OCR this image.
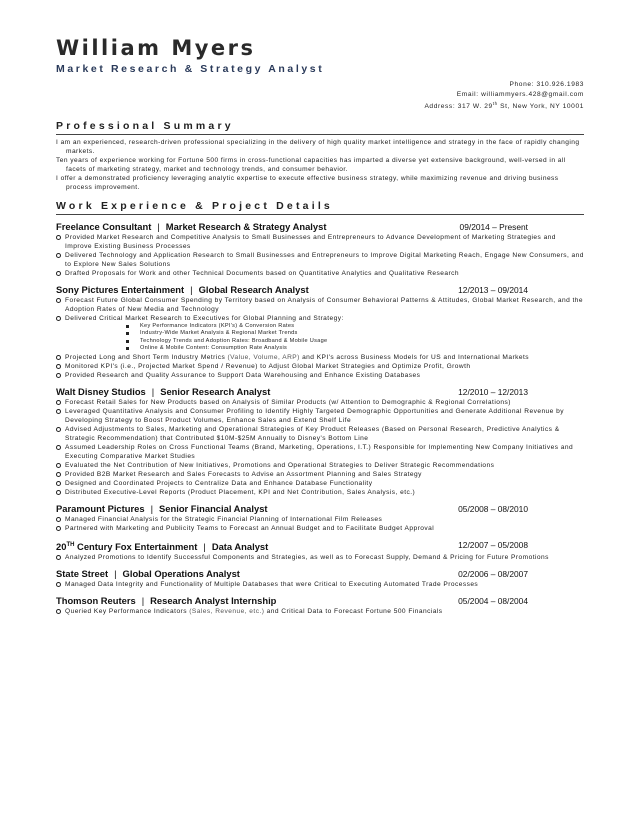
William Myers
Market Research & Strategy Analyst
Phone: 310.926.1983
Email: williammyers.428@gmail.com
Address: 317 W. 29th St, New York, NY 10001
Professional Summary

I am an experienced, research-driven professional specializing in the delivery of high quality market intelligence and strategy in the face of rapidly changing markets.

Ten years of experience working for Fortune 500 firms in cross-functional capacities has imparted a diverse yet extensive background, well-versed in all facets of marketing strategy, market and technology trends, and consumer behavior.

I offer a demonstrated proficiency leveraging analytic expertise to execute effective business strategy, while maximizing revenue and driving business process improvement.

Work Experience & Project Details
Freelance Consultant | Market Research & Strategy Analyst	09/2014 – Present
Provided Market Research and Competitive Analysis to Small Businesses and Entrepreneurs to Advance Development of Marketing Strategies and Improve Existing Business Processes
Delivered Technology and Application Research to Small Businesses and Entrepreneurs to Improve Digital Marketing Reach, Engage New Consumers, and to Explore New Sales Solutions
Drafted Proposals for Work and other Technical Documents based on Quantitative Analytics and Qualitative Research
Sony Pictures Entertainment | Global Research Analyst	12/2013 – 09/2014
Forecast Future Global Consumer Spending by Territory based on Analysis of Consumer Behavioral Patterns & Attitudes, Global Market Research, and the Adoption Rates of New Media and Technology
Delivered Critical Market Research to Executives for Global Planning and Strategy:
Key Performance Indicators (KPI's) & Conversion Rates
Industry-Wide Market Analysis & Regional Market Trends
Technology Trends and Adoption Rates: Broadband & Mobile Usage
Online & Mobile Content: Consumption Rate Analysis
Projected Long and Short Term Industry Metrics (Value, Volume, ARP) and KPI's across Business Models for US and International Markets
Monitored KPI's (i.e., Projected Market Spend / Revenue) to Adjust Global Market Strategies and Optimize Profit, Growth
Provided Research and Quality Assurance to Support Data Warehousing and Enhance Existing Databases
Walt Disney Studios | Senior Research Analyst	12/2010 – 12/2013
Forecast Retail Sales for New Products based on Analysis of Similar Products (w/ Attention to Demographic & Regional Correlations)
Leveraged Quantitative Analysis and Consumer Profiling to Identify Highly Targeted Demographic Opportunities and Generate Additional Revenue by Developing Strategy to Boost Product Volumes, Enhance Sales and Extend Shelf Life
Advised Adjustments to Sales, Marketing and Operational Strategies of Key Product Releases (Based on Personal Research, Predictive Analytics & Strategic Recommendation) that Contributed $10M-$25M Annually to Disney's Bottom Line
Assumed Leadership Roles on Cross Functional Teams (Brand, Marketing, Operations, I.T.) Responsible for Implementing New Company Initiatives and Executing Comparative Market Studies
Evaluated the Net Contribution of New Initiatives, Promotions and Operational Strategies to Deliver Strategic Recommendations
Provided B2B Market Research and Sales Forecasts to Advise an Assortment Planning and Sales Strategy
Designed and Coordinated Projects to Centralize Data and Enhance Database Functionality
Distributed Executive-Level Reports (Product Placement, KPI and Net Contribution, Sales Analysis, etc.)
Paramount Pictures | Senior Financial Analyst	05/2008 – 08/2010
Managed Financial Analysis for the Strategic Financial Planning of International Film Releases
Partnered with Marketing and Publicity Teams to Forecast an Annual Budget and to Facilitate Budget Approval
20TH Century Fox Entertainment | Data Analyst	12/2007 – 05/2008
Analyzed Promotions to Identify Successful Components and Strategies, as well as to Forecast Supply, Demand & Pricing for Future Promotions
State Street | Global Operations Analyst	02/2006 – 08/2007
Managed Data Integrity and Functionality of Multiple Databases that were Critical to Executing Automated Trade Processes
Thomson Reuters | Research Analyst Internship	05/2004 – 08/2004
Queried Key Performance Indicators (Sales, Revenue, etc.) and Critical Data to Forecast Fortune 500 Financials
